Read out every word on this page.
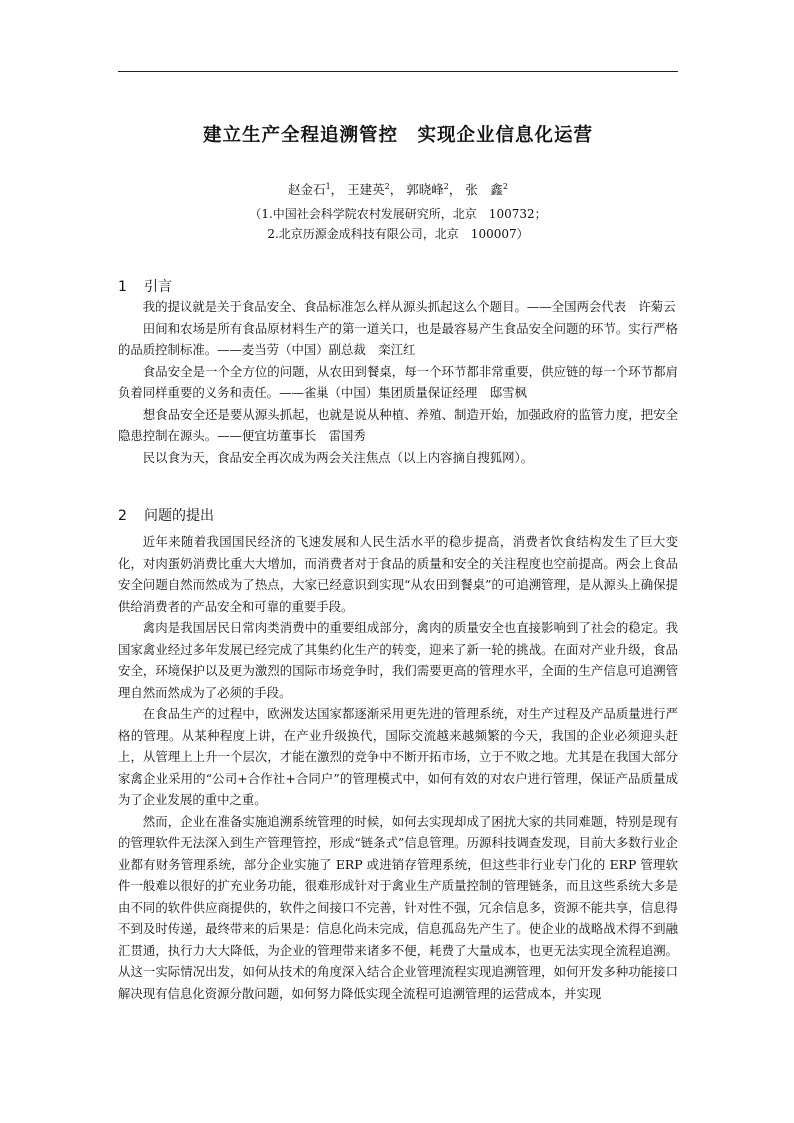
建立生产全程追溯管控　实现企业信息化运营
赵金石$^1$， 王建英$^2$， 郭晓峰$^2$， 张　鑫$^2$
（1.中国社会科学院农村发展研究所，北京　100732；
2.北京历源金成科技有限公司，北京　100007）
1 引言

我的提议就是关于食品安全、食品标准怎么样从源头抓起这么个题目。——全国两会代表　许菊云

田间和农场是所有食品原材料生产的第一道关口，也是最容易产生食品安全问题的环节。实行严格的品质控制标准。——麦当劳（中国）副总裁　栾江红

食品安全是一个全方位的问题，从农田到餐桌，每一个环节都非常重要，供应链的每一个环节都肩负着同样重要的义务和责任。——雀巢（中国）集团质量保证经理　邸雪枫

想食品安全还是要从源头抓起，也就是说从种植、养殖、制造开始，加强政府的监管力度，把安全隐患控制在源头。——便宜坊董事长　雷国秀

民以食为天，食品安全再次成为两会关注焦点（以上内容摘自搜狐网）。

2 问题的提出

近年来随着我国国民经济的飞速发展和人民生活水平的稳步提高，消费者饮食结构发生了巨大变化，对肉蛋奶消费比重大大增加，而消费者对于食品的质量和安全的关注程度也空前提高。两会上食品安全问题自然而然成为了热点，大家已经意识到实现“从农田到餐桌”的可追溯管理，是从源头上确保提供给消费者的产品安全和可靠的重要手段。

禽肉是我国居民日常肉类消费中的重要组成部分，禽肉的质量安全也直接影响到了社会的稳定。我国家禽业经过多年发展已经完成了其集约化生产的转变，迎来了新一轮的挑战。在面对产业升级，食品安全，环境保护以及更为激烈的国际市场竞争时，我们需要更高的管理水平，全面的生产信息可追溯管理自然而然成为了必须的手段。

在食品生产的过程中，欧洲发达国家都逐渐采用更先进的管理系统，对生产过程及产品质量进行严格的管理。从某种程度上讲，在产业升级换代，国际交流越来越频繁的今天，我国的企业必须迎头赶上，从管理上上升一个层次，才能在激烈的竞争中不断开拓市场，立于不败之地。尤其是在我国大部分家禽企业采用的“公司+合作社+合同户”的管理模式中，如何有效的对农户进行管理，保证产品质量成为了企业发展的重中之重。

然而，企业在准备实施追溯系统管理的时候，如何去实现却成了困扰大家的共同难题，特别是现有的管理软件无法深入到生产管理管控，形成“链条式”信息管理。历源科技调查发现，目前大多数行业企业都有财务管理系统，部分企业实施了 ERP 或进销存管理系统，但这些非行业专门化的 ERP 管理软件一般难以很好的扩充业务功能，很难形成针对于禽业生产质量控制的管理链条，而且这些系统大多是由不同的软件供应商提供的，软件之间接口不完善，针对性不强，冗余信息多，资源不能共享，信息得不到及时传递，最终带来的后果是：信息化尚未完成，信息孤岛先产生了。使企业的战略战术得不到融汇贯通，执行力大大降低，为企业的管理带来诸多不便，耗费了大量成本，也更无法实现全流程追溯。从这一实际情况出发，如何从技术的角度深入结合企业管理流程实现追溯管理，如何开发多种功能接口解决现有信息化资源分散问题，如何努力降低实现全流程可追溯管理的运营成本，并实现
